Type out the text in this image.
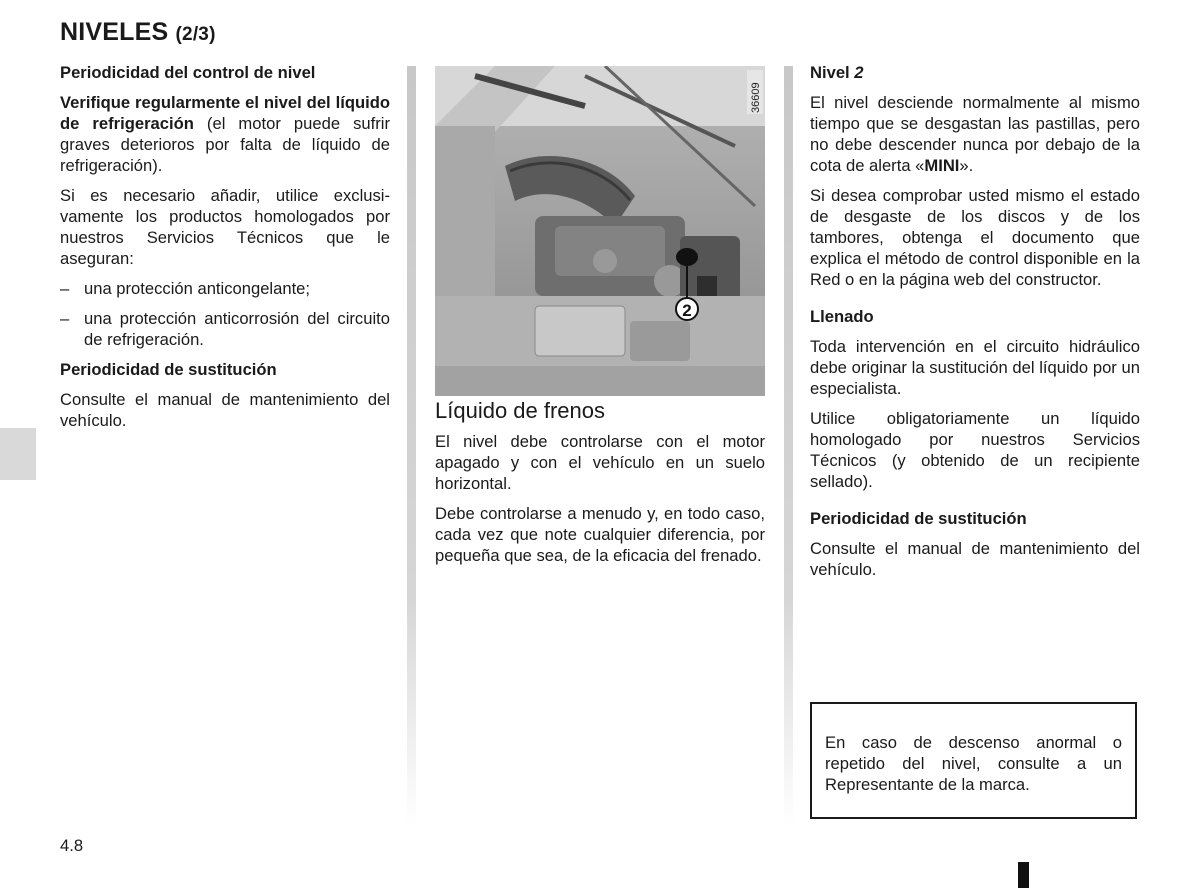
NIVELES (2/3)
Periodicidad del control de nivel

Verifique regularmente el nivel del líquido de refrigeración (el motor puede sufrir graves deterioros por falta de líquido de refrigeración).

Si es necesario añadir, utilice exclusivamente los productos homologados por nuestros Servicios Técnicos que le aseguran:

– una protección anticongelante;
– una protección anticorrosión del circuito de refrigeración.
Periodicidad de sustitución

Consulte el manual de mantenimiento del vehículo.

2
36609
Líquido de frenos

El nivel debe controlarse con el motor apagado y con el vehículo en un suelo horizontal.

Debe controlarse a menudo y, en todo caso, cada vez que note cualquier diferencia, por pequeña que sea, de la eficacia del frenado.

Nivel 2

El nivel desciende normalmente al mismo tiempo que se desgastan las pastillas, pero no debe descender nunca por debajo de la cota de alerta «MINI».

Si desea comprobar usted mismo el estado de desgaste de los discos y de los tambores, obtenga el documento que explica el método de control disponible en la Red o en la página web del constructor.

Llenado

Toda intervención en el circuito hidráulico debe originar la sustitución del líquido por un especialista.

Utilice obligatoriamente un líquido homologado por nuestros Servicios Técnicos (y obtenido de un recipiente sellado).

Periodicidad de sustitución

Consulte el manual de mantenimiento del vehículo.

En caso de descenso anormal o repetido del nivel, consulte a un Representante de la marca.
4.8
